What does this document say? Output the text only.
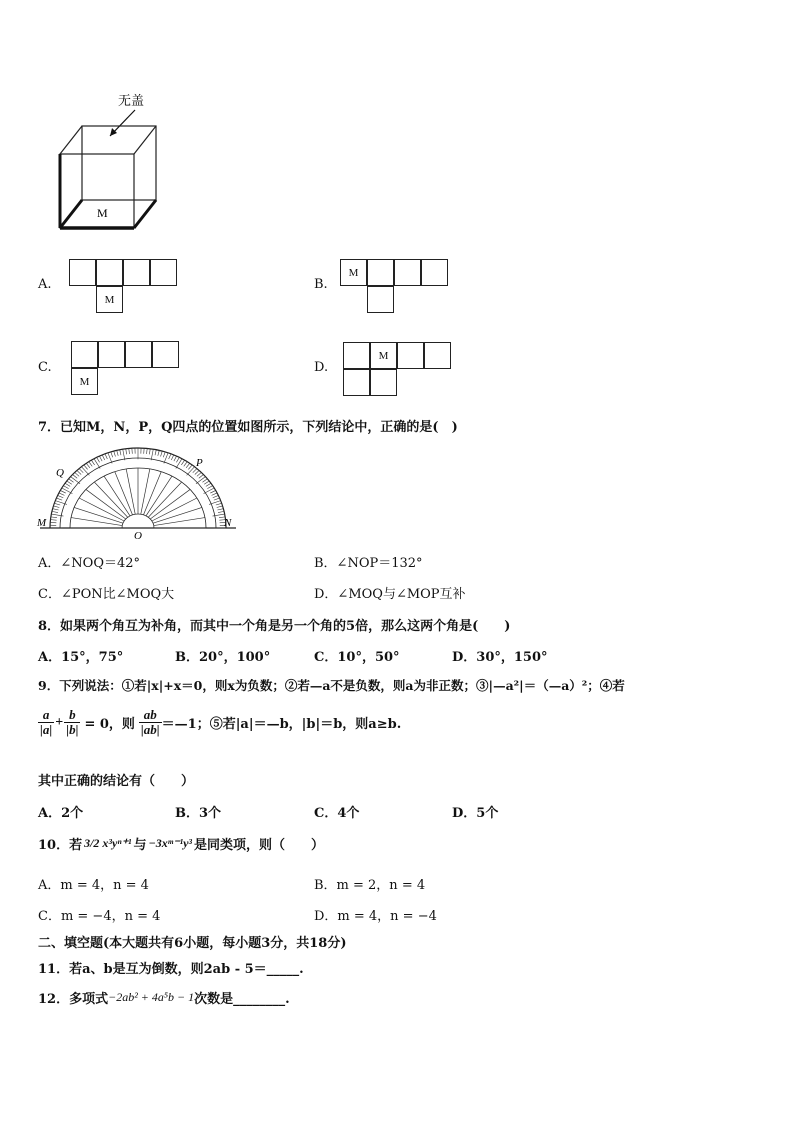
无盖
M
A.
M
B.
M
C.
M
D.
M
7．已知M，N，P，Q四点的位置如图所示，下列结论中，正确的是(　)
Q
P
M	N
O
A．∠NOQ＝42°	B．∠NOP＝132°
C．∠PON比∠MOQ大	D．∠MOQ与∠MOP互补
8．如果两个角互为补角，而其中一个角是另一个角的5倍，那么这两个角是(　　)
A．15°，75°	B．20°，100°	C．10°，50°	D．30°，150°
9．下列说法：①若|x|+x＝0，则x为负数；②若—a不是负数，则a为非正数；③|—a²|＝（—a）²；④若
$\frac{a}{|a|} + \frac{b}{|b|} = 0$，则 $\frac{ab}{|ab|}$ ＝—1；⑤若|a|＝—b，|b|＝b，则a≥b.
其中正确的结论有（　　）
A．2个	B．3个	C．4个	D．5个
10．若 3/2 x³yⁿ⁺¹ 与 −3xᵐ⁻¹y³ 是同类项，则（　　）
A．m = 4，n = 4	B．m = 2，n = 4
C．m = −4，n = 4	D．m = 4，n = −4
二、填空题(本大题共有6小题，每小题3分，共18分)
11．若a、b是互为倒数，则2ab - 5＝_____.
12．多项式 −2ab² + 4a⁵b − 1 次数是________.
